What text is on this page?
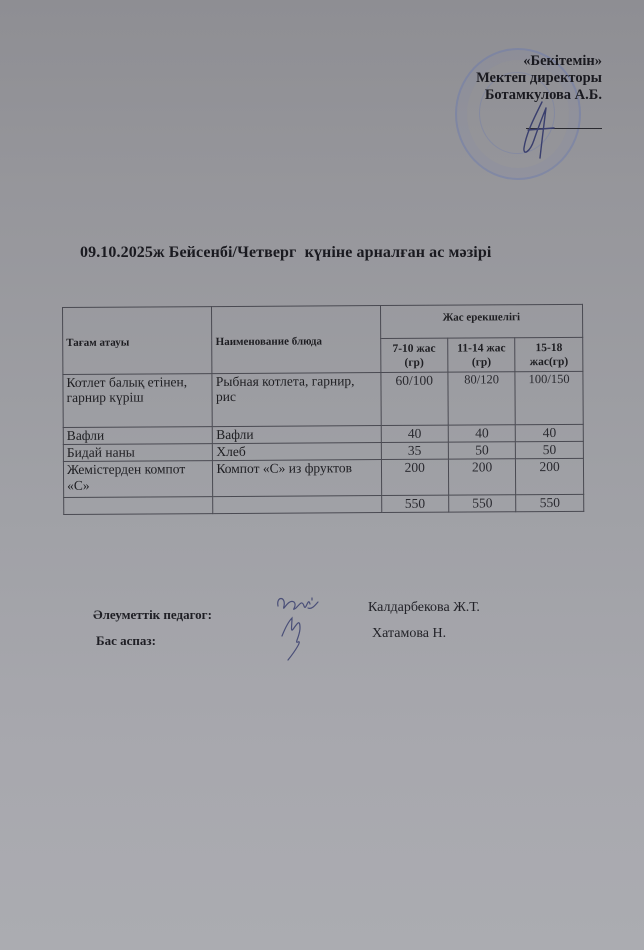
«Бекітемін»
Мектеп директоры
Ботамкулова А.Б.
09.10.2025ж Бейсенбі/Четверг  күніне арналған ас мәзірі
Тағам атауы	Наименование блюда	Жас ерекшелігі		
		7-10 жас (гр)	11-14 жас (гр)	15-18 жас(гр)
Котлет балық етінен, гарнир күріш	Рыбная котлета, гарнир, рис	60/100	80/120	100/150
Вафли	Вафли	40	40	40
Бидай наны	Хлеб	35	50	50
Жемістерден компот «С»	Компот «С» из фруктов	200	200	200
		550	550	550
Әлеуметтік педагог:	Калдарбекова Ж.Т.
Бас аспаз:	Хатамова Н.
